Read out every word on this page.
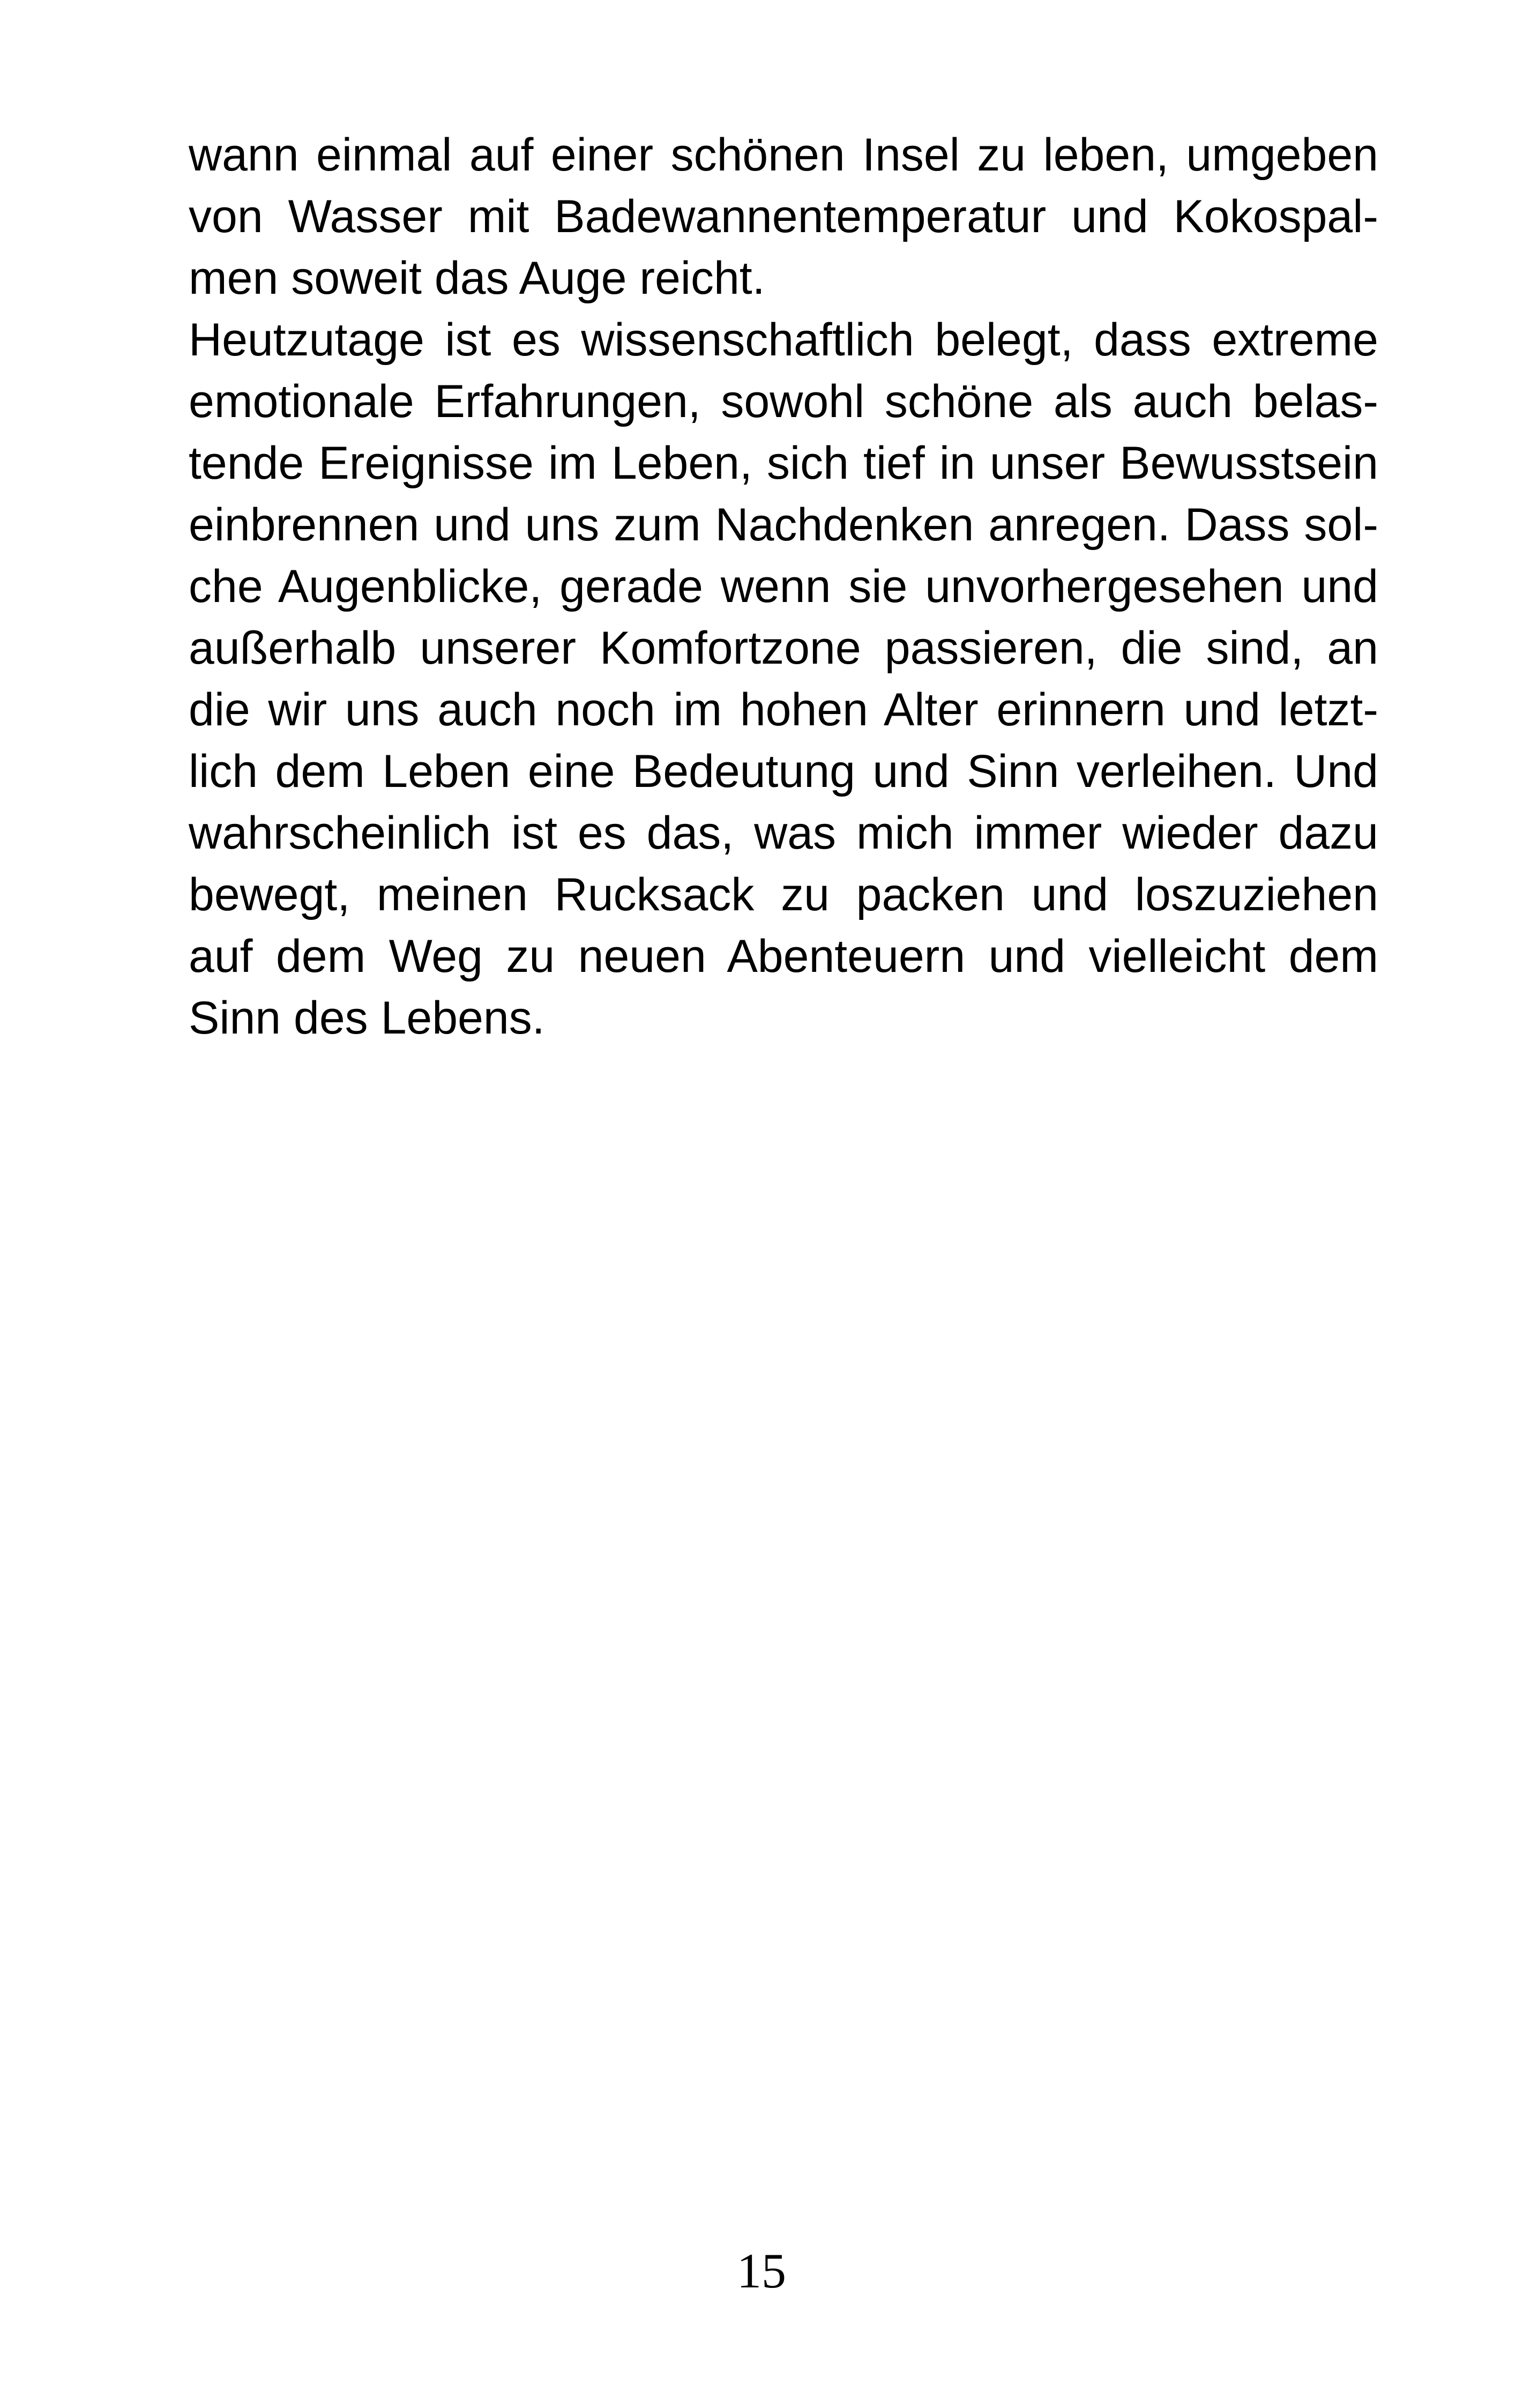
wann einmal auf einer schönen Insel zu leben, umgeben
von Wasser mit Badewannentemperatur und Kokospal-
men soweit das Auge reicht.

Heutzutage ist es wissenschaftlich belegt, dass extreme
emotionale Erfahrungen, sowohl schöne als auch belas-
tende Ereignisse im Leben, sich tief in unser Bewusstsein
einbrennen und uns zum Nachdenken anregen. Dass sol-
che Augenblicke, gerade wenn sie unvorhergesehen und
außerhalb unserer Komfortzone passieren, die sind, an
die wir uns auch noch im hohen Alter erinnern und letzt-
lich dem Leben eine Bedeutung und Sinn verleihen. Und
wahrscheinlich ist es das, was mich immer wieder dazu
bewegt, meinen Rucksack zu packen und loszuziehen
auf dem Weg zu neuen Abenteuern und vielleicht dem
Sinn des Lebens.

15
